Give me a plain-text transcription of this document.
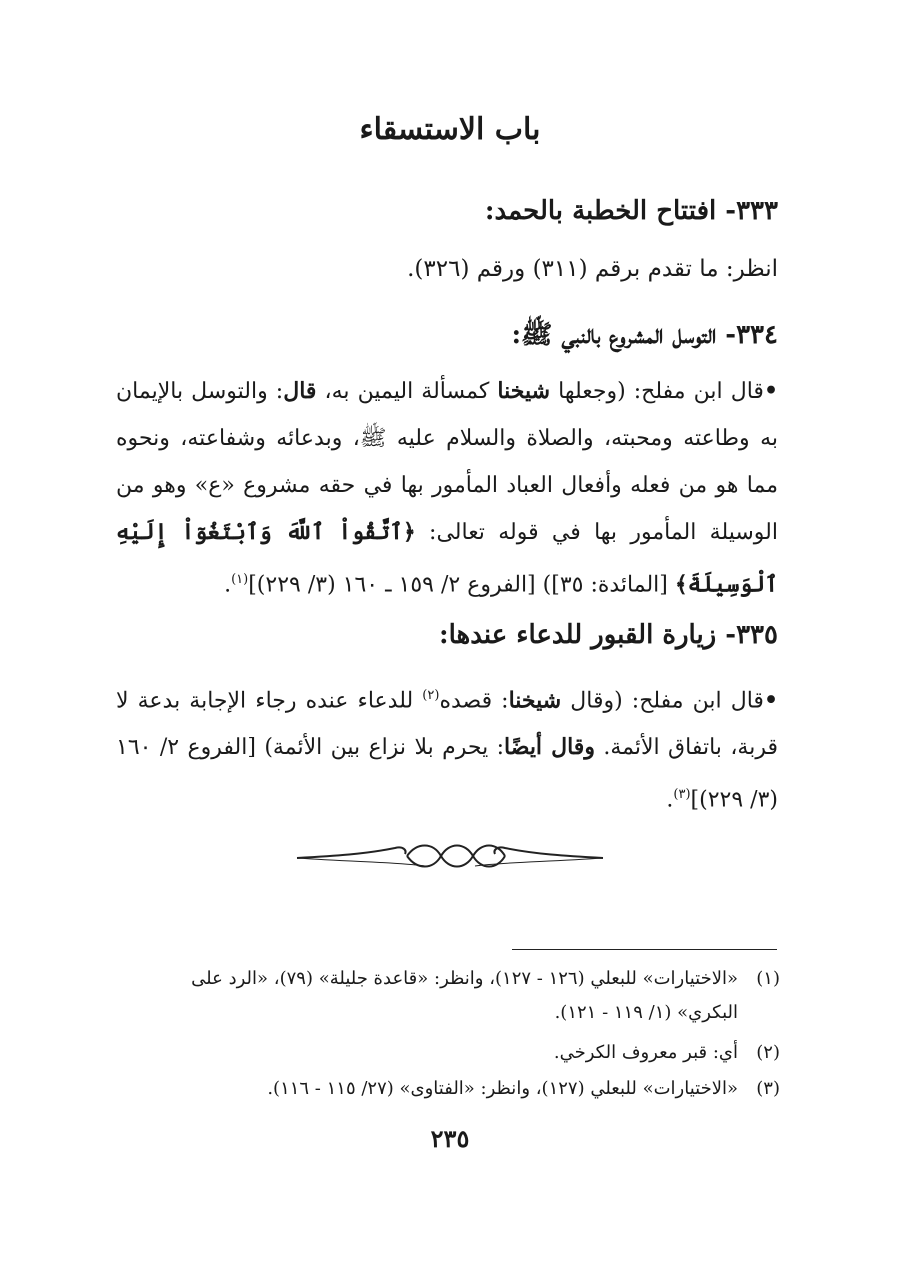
باب الاستسقاء
٣٣٣- افتتاح الخطبة بالحمد:

انظر: ما تقدم برقم (٣١١) ورقم (٣٢٦).

٣٣٤- التوسل المشروع بالنبي ﷺ:

•قال ابن مفلح: (وجعلها شيخنا كمسألة اليمين به، قال: والتوسل بالإيمان به وطاعته ومحبته، والصلاة والسلام عليه ﷺ، وبدعائه وشفاعته، ونحوه مما هو من فعله وأفعال العباد المأمور بها في حقه مشروع «ع» وهو من الوسيلة المأمور بها في قوله تعالى: ﴿ٱتَّقُواْ ٱللَّهَ وَٱبْتَغُوٓاْ إِلَيْهِ ٱلْوَسِيلَةَ﴾ [المائدة: ٣٥]) [الفروع ٢/ ١٥٩ ـ ١٦٠ (٣/ ٢٢٩)]$^{(١)}$.

٣٣٥- زيارة القبور للدعاء عندها:

•قال ابن مفلح: (وقال شيخنا: قصده$^{(٢)}$ للدعاء عنده رجاء الإجابة بدعة لا قربة، باتفاق الأئمة. وقال أيضًا: يحرم بلا نزاع بين الأئمة) [الفروع ٢/ ١٦٠ (٣/ ٢٢٩)]$^{(٣)}$.

(١)«الاختيارات» للبعلي (١٢٦ - ١٢٧)، وانظر: «قاعدة جليلة» (٧٩)، «الرد على
البكري» (١/ ١١٩ - ١٢١).
(٢)أي: قبر معروف الكرخي.
(٣)«الاختيارات» للبعلي (١٢٧)، وانظر: «الفتاوى» (٢٧/ ١١٥ - ١١٦).

٢٣٥
